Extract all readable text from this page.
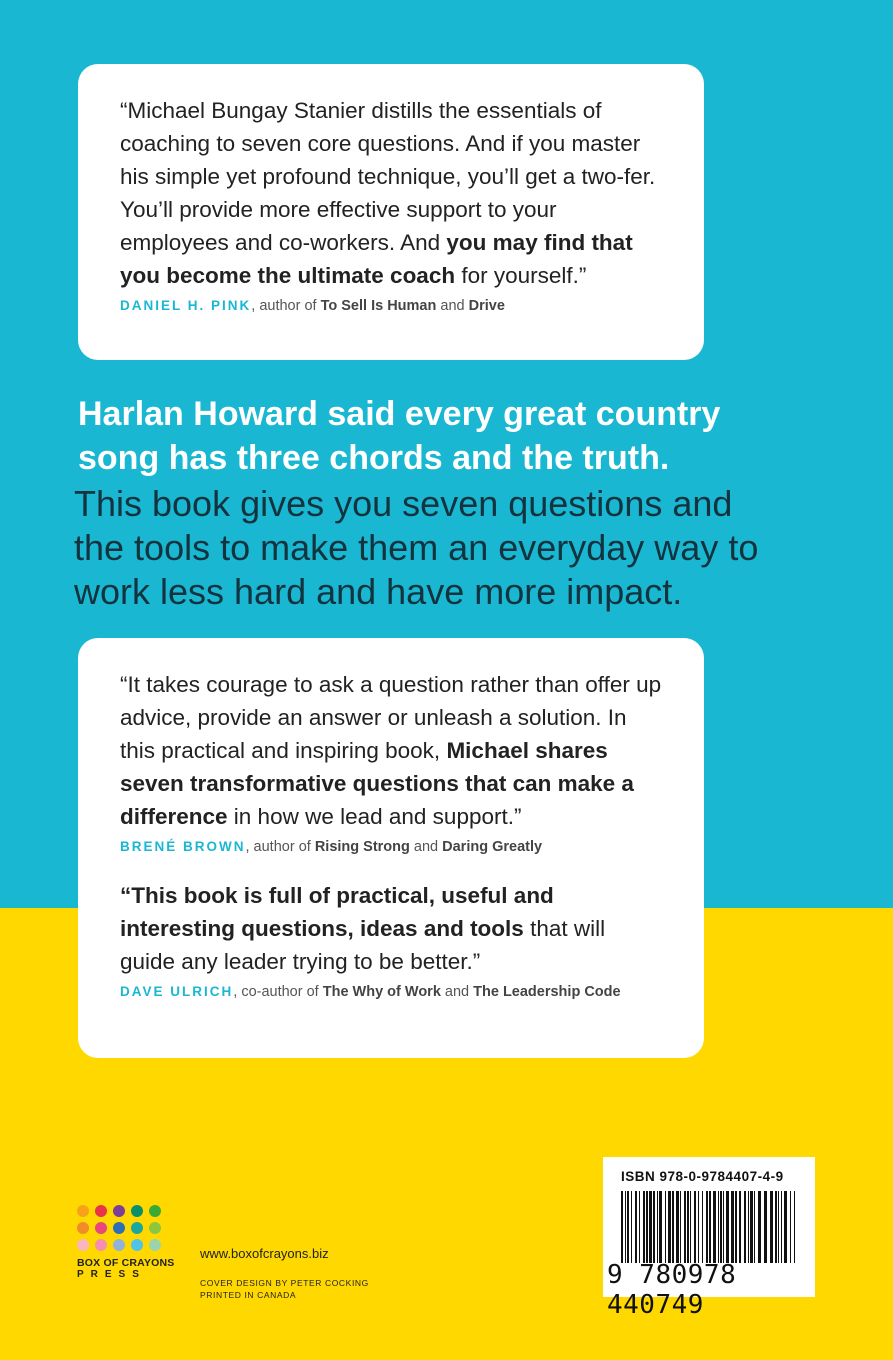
“Michael Bungay Stanier distills the essentials of coaching to seven core questions. And if you master his simple yet profound technique, you’ll get a two-fer. You’ll provide more effective support to your employees and co-workers. And you may find that you become the ultimate coach for yourself.”

DANIEL H. PINK, author of To Sell Is Human and Drive

Harlan Howard said every great country song has three chords and the truth.

This book gives you seven questions and the tools to make them an everyday way to work less hard and have more impact.

“It takes courage to ask a question rather than offer up advice, provide an answer or unleash a solution. In this practical and inspiring book, Michael shares seven transformative questions that can make a difference in how we lead and support.”

BRENÉ BROWN, author of Rising Strong and Daring Greatly

“This book is full of practical, useful and interesting questions, ideas and tools that will guide any leader trying to be better.”

DAVE ULRICH, co-author of The Why of Work and The Leadership Code

BOX OF CRAYONS
PRESS
www.boxofcrayons.biz
COVER DESIGN BY PETER COCKING
PRINTED IN CANADA
ISBN 978-0-9784407-4-9
9 780978 440749
